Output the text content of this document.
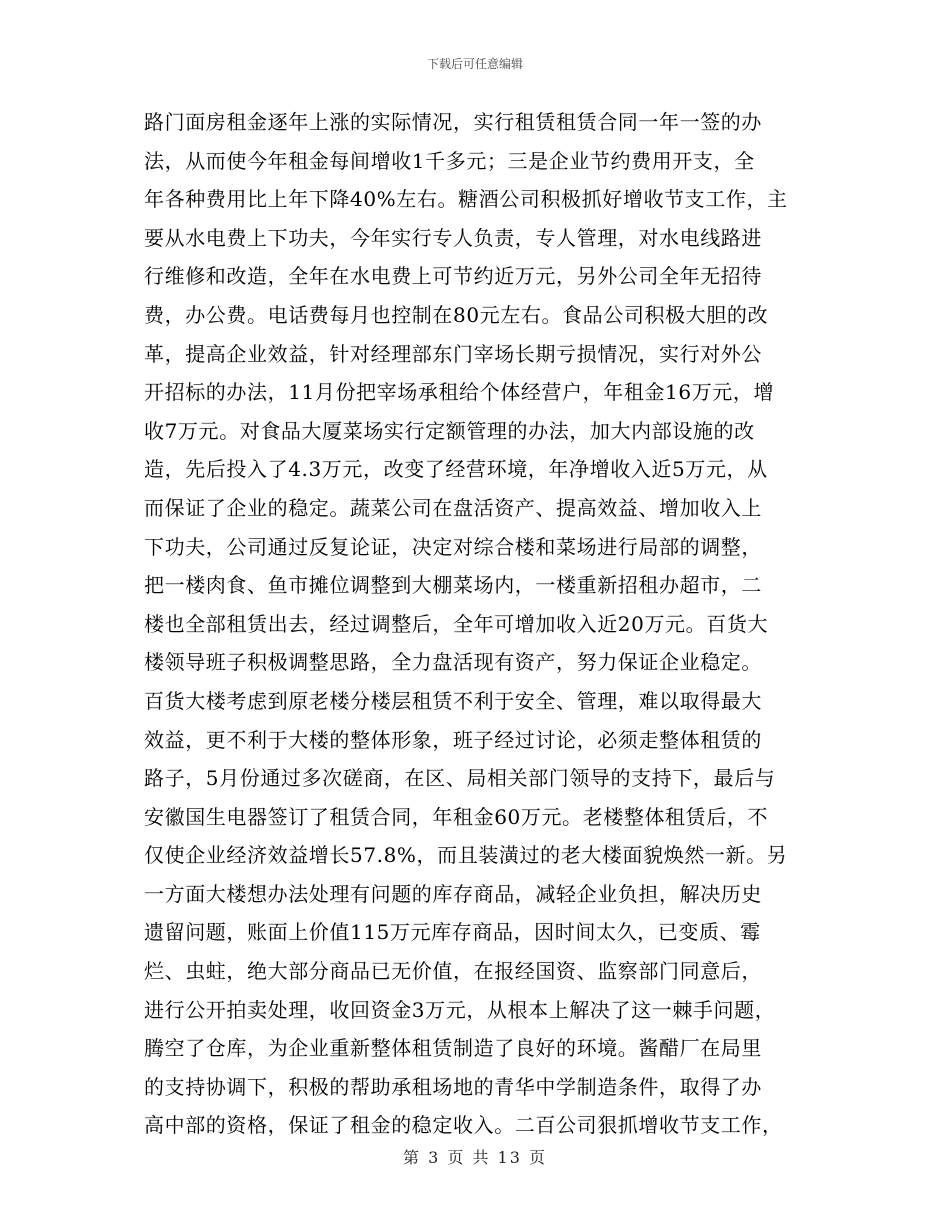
下载后可任意编辑
路门面房租金逐年上涨的实际情况，实行租赁租赁合同一年一签的办
法，从而使今年租金每间增收1千多元；三是企业节约费用开支，全
年各种费用比上年下降40%左右。糖酒公司积极抓好增收节支工作，主
要从水电费上下功夫，今年实行专人负责，专人管理，对水电线路进
行维修和改造，全年在水电费上可节约近万元，另外公司全年无招待
费，办公费。电话费每月也控制在80元左右。食品公司积极大胆的改
革，提高企业效益，针对经理部东门宰场长期亏损情况，实行对外公
开招标的办法，11月份把宰场承租给个体经营户，年租金16万元，增
收7万元。对食品大厦菜场实行定额管理的办法，加大内部设施的改
造，先后投入了4.3万元，改变了经营环境，年净增收入近5万元，从
而保证了企业的稳定。蔬菜公司在盘活资产、提高效益、增加收入上
下功夫，公司通过反复论证，决定对综合楼和菜场进行局部的调整，
把一楼肉食、鱼市摊位调整到大棚菜场内，一楼重新招租办超市，二
楼也全部租赁出去，经过调整后，全年可增加收入近20万元。百货大
楼领导班子积极调整思路，全力盘活现有资产，努力保证企业稳定。
百货大楼考虑到原老楼分楼层租赁不利于安全、管理，难以取得最大
效益，更不利于大楼的整体形象，班子经过讨论，必须走整体租赁的
路子，5月份通过多次磋商，在区、局相关部门领导的支持下，最后与
安徽国生电器签订了租赁合同，年租金60万元。老楼整体租赁后，不
仅使企业经济效益增长57.8%，而且装潢过的老大楼面貌焕然一新。另
一方面大楼想办法处理有问题的库存商品，减轻企业负担，解决历史
遗留问题，账面上价值115万元库存商品，因时间太久，已变质、霉
烂、虫蛀，绝大部分商品已无价值，在报经国资、监察部门同意后，
进行公开拍卖处理，收回资金3万元，从根本上解决了这一棘手问题，
腾空了仓库，为企业重新整体租赁制造了良好的环境。酱醋厂在局里
的支持协调下，积极的帮助承租场地的青华中学制造条件，取得了办
高中部的资格，保证了租金的稳定收入。二百公司狠抓增收节支工作，
第 3 页 共 13 页
